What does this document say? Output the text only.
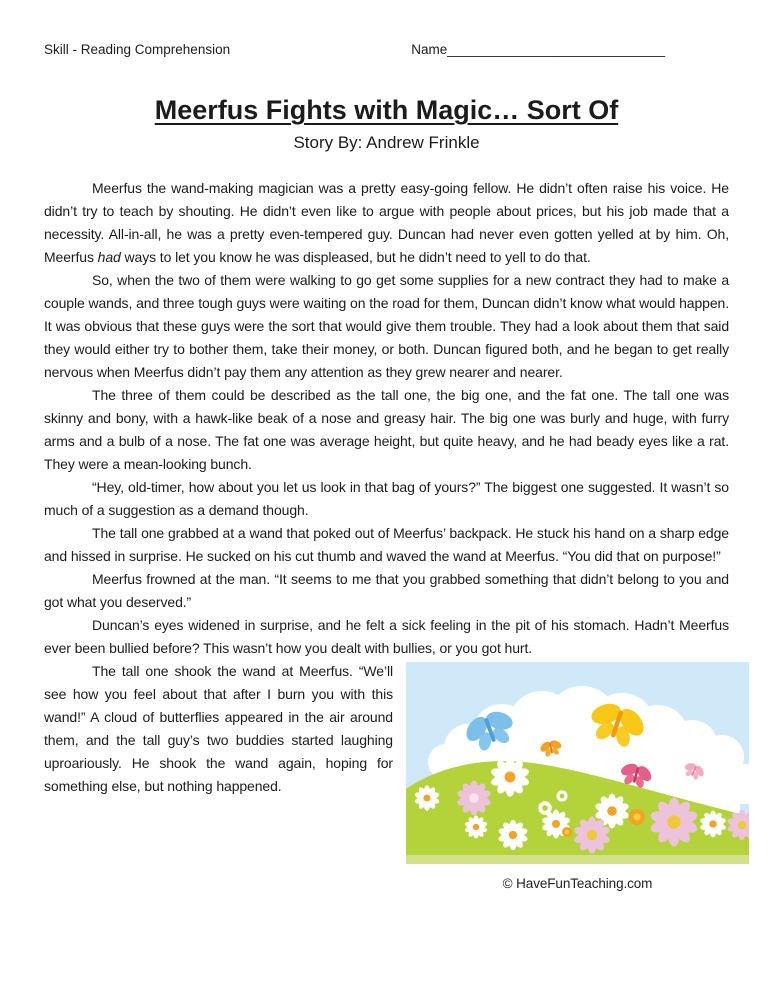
Skill - Reading Comprehension	Name_____________________________
Meerfus Fights with Magic… Sort Of
Story By: Andrew Frinkle

Meerfus the wand-making magician was a pretty easy-going fellow. He didn’t often raise his voice. He didn’t try to teach by shouting. He didn’t even like to argue with people about prices, but his job made that a necessity. All-in-all, he was a pretty even-tempered guy. Duncan had never even gotten yelled at by him. Oh, Meerfus had ways to let you know he was displeased, but he didn’t need to yell to do that.

So, when the two of them were walking to go get some supplies for a new contract they had to make a couple wands, and three tough guys were waiting on the road for them, Duncan didn’t know what would happen. It was obvious that these guys were the sort that would give them trouble. They had a look about them that said they would either try to bother them, take their money, or both. Duncan figured both, and he began to get really nervous when Meerfus didn’t pay them any attention as they grew nearer and nearer.

The three of them could be described as the tall one, the big one, and the fat one. The tall one was skinny and bony, with a hawk-like beak of a nose and greasy hair. The big one was burly and huge, with furry arms and a bulb of a nose. The fat one was average height, but quite heavy, and he had beady eyes like a rat. They were a mean-looking bunch.

“Hey, old-timer, how about you let us look in that bag of yours?” The biggest one suggested. It wasn’t so much of a suggestion as a demand though.

The tall one grabbed at a wand that poked out of Meerfus’ backpack. He stuck his hand on a sharp edge and hissed in surprise. He sucked on his cut thumb and waved the wand at Meerfus. “You did that on purpose!”

Meerfus frowned at the man. “It seems to me that you grabbed something that didn’t belong to you and got what you deserved.”

Duncan’s eyes widened in surprise, and he felt a sick feeling in the pit of his stomach. Hadn’t Meerfus ever been bullied before? This wasn’t how you dealt with bullies, or you got hurt.

© HaveFunTeaching.com

The tall one shook the wand at Meerfus. “We’ll see how you feel about that after I burn you with this wand!” A cloud of butterflies appeared in the air around them, and the tall guy’s two buddies started laughing uproariously. He shook the wand again, hoping for something else, but nothing happened.
